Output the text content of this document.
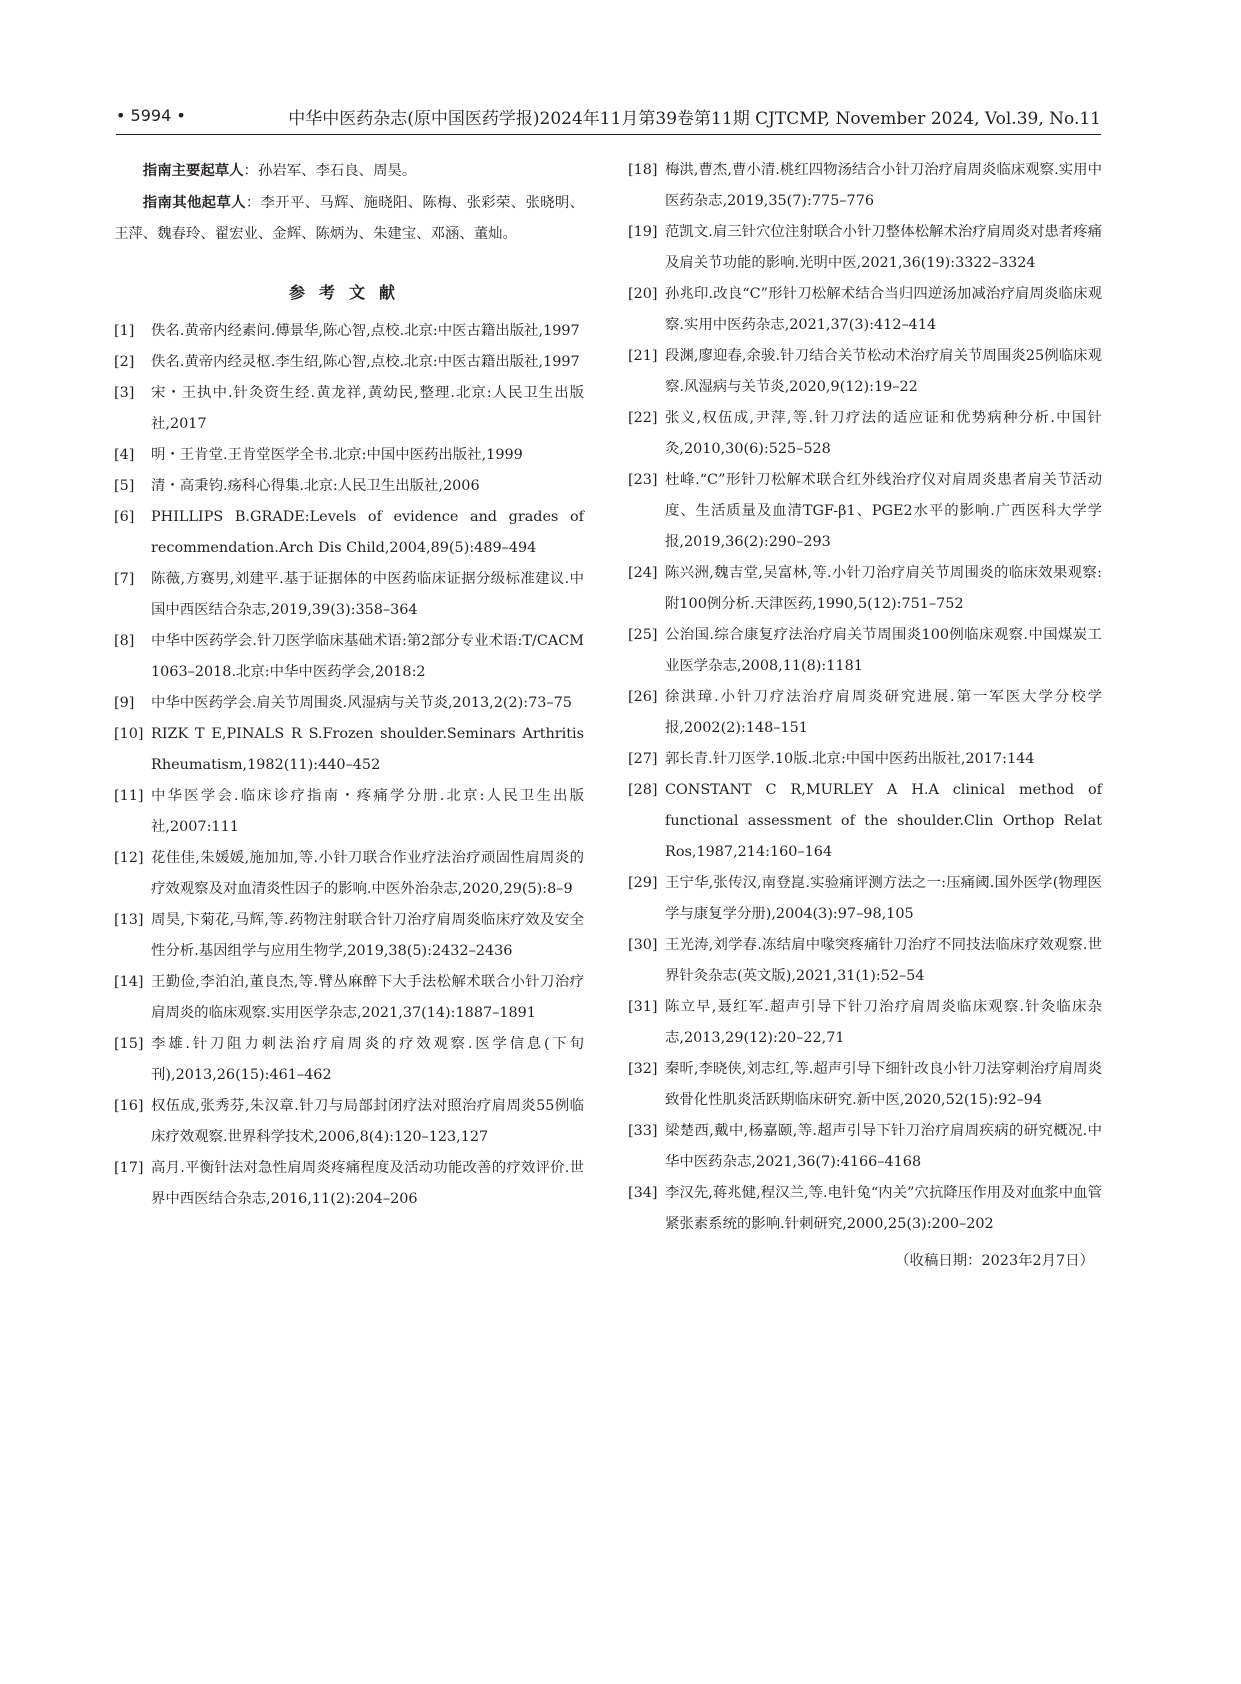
• 5994 •	中华中医药杂志(原中国医药学报)2024年11月第39卷第11期 CJTCMP, November 2024, Vol.39, No.11

指南主要起草人：孙岩军、李石良、周昊。

指南其他起草人：李开平、马辉、施晓阳、陈梅、张彩荣、张晓明、王萍、魏春玲、翟宏业、金辉、陈炳为、朱建宝、邓涵、董灿。

参考文献
[1] 佚名.黄帝内经素问.傅景华,陈心智,点校.北京:中医古籍出版社,1997
[2] 佚名.黄帝内经灵枢.李生绍,陈心智,点校.北京:中医古籍出版社,1997
[3] 宋・王执中.针灸资生经.黄龙祥,黄幼民,整理.北京:人民卫生出版社,2017
[4] 明・王肯堂.王肯堂医学全书.北京:中国中医药出版社,1999
[5] 清・高秉钧.疡科心得集.北京:人民卫生出版社,2006
[6] PHILLIPS B.GRADE:Levels of evidence and grades of recommendation.Arch Dis Child,2004,89(5):489–494
[7] 陈薇,方赛男,刘建平.基于证据体的中医药临床证据分级标准建议.中国中西医结合杂志,2019,39(3):358–364
[8] 中华中医药学会.针刀医学临床基础术语:第2部分专业术语:T/CACM 1063–2018.北京:中华中医药学会,2018:2
[9] 中华中医药学会.肩关节周围炎.风湿病与关节炎,2013,2(2):73–75
[10] RIZK T E,PINALS R S.Frozen shoulder.Seminars Arthritis Rheumatism,1982(11):440–452
[11] 中华医学会.临床诊疗指南・疼痛学分册.北京:人民卫生出版社,2007:111
[12] 花佳佳,朱媛媛,施加加,等.小针刀联合作业疗法治疗顽固性肩周炎的疗效观察及对血清炎性因子的影响.中医外治杂志,2020,29(5):8–9
[13] 周昊,卞菊花,马辉,等.药物注射联合针刀治疗肩周炎临床疗效及安全性分析.基因组学与应用生物学,2019,38(5):2432–2436
[14] 王勤俭,李泊泊,董良杰,等.臂丛麻醉下大手法松解术联合小针刀治疗肩周炎的临床观察.实用医学杂志,2021,37(14):1887–1891
[15] 李雄.针刀阻力刺法治疗肩周炎的疗效观察.医学信息(下旬刊),2013,26(15):461–462
[16] 权伍成,张秀芬,朱汉章.针刀与局部封闭疗法对照治疗肩周炎55例临床疗效观察.世界科学技术,2006,8(4):120–123,127
[17] 高月.平衡针法对急性肩周炎疼痛程度及活动功能改善的疗效评价.世界中西医结合杂志,2016,11(2):204–206
[18] 梅洪,曹杰,曹小清.桃红四物汤结合小针刀治疗肩周炎临床观察.实用中医药杂志,2019,35(7):775–776
[19] 范凯文.肩三针穴位注射联合小针刀整体松解术治疗肩周炎对患者疼痛及肩关节功能的影响.光明中医,2021,36(19):3322–3324
[20] 孙兆印.改良“C”形针刀松解术结合当归四逆汤加减治疗肩周炎临床观察.实用中医药杂志,2021,37(3):412–414
[21] 段渊,廖迎春,余骏.针刀结合关节松动术治疗肩关节周围炎25例临床观察.风湿病与关节炎,2020,9(12):19–22
[22] 张义,权伍成,尹萍,等.针刀疗法的适应证和优势病种分析.中国针灸,2010,30(6):525–528
[23] 杜峰.“C”形针刀松解术联合红外线治疗仪对肩周炎患者肩关节活动度、生活质量及血清TGF-β1、PGE2水平的影响.广西医科大学学报,2019,36(2):290–293
[24] 陈兴洲,魏吉堂,吴富林,等.小针刀治疗肩关节周围炎的临床效果观察:附100例分析.天津医药,1990,5(12):751–752
[25] 公治国.综合康复疗法治疗肩关节周围炎100例临床观察.中国煤炭工业医学杂志,2008,11(8):1181
[26] 徐洪璋.小针刀疗法治疗肩周炎研究进展.第一军医大学分校学报,2002(2):148–151
[27] 郭长青.针刀医学.10版.北京:中国中医药出版社,2017:144
[28] CONSTANT C R,MURLEY A H.A clinical method of functional assessment of the shoulder.Clin Orthop Relat Ros,1987,214:160–164
[29] 王宁华,张传汉,南登崑.实验痛评测方法之一:压痛阈.国外医学(物理医学与康复学分册),2004(3):97–98,105
[30] 王光涛,刘学春.冻结肩中喙突疼痛针刀治疗不同技法临床疗效观察.世界针灸杂志(英文版),2021,31(1):52–54
[31] 陈立早,聂红军.超声引导下针刀治疗肩周炎临床观察.针灸临床杂志,2013,29(12):20–22,71
[32] 秦昕,李晓侠,刘志红,等.超声引导下细针改良小针刀法穿刺治疗肩周炎致骨化性肌炎活跃期临床研究.新中医,2020,52(15):92–94
[33] 梁楚西,戴中,杨嘉颐,等.超声引导下针刀治疗肩周疾病的研究概况.中华中医药杂志,2021,36(7):4166–4168
[34] 李汉先,蒋兆健,程汉兰,等.电针兔“内关”穴抗降压作用及对血浆中血管紧张素系统的影响.针刺研究,2000,25(3):200–202
（收稿日期：2023年2月7日）
